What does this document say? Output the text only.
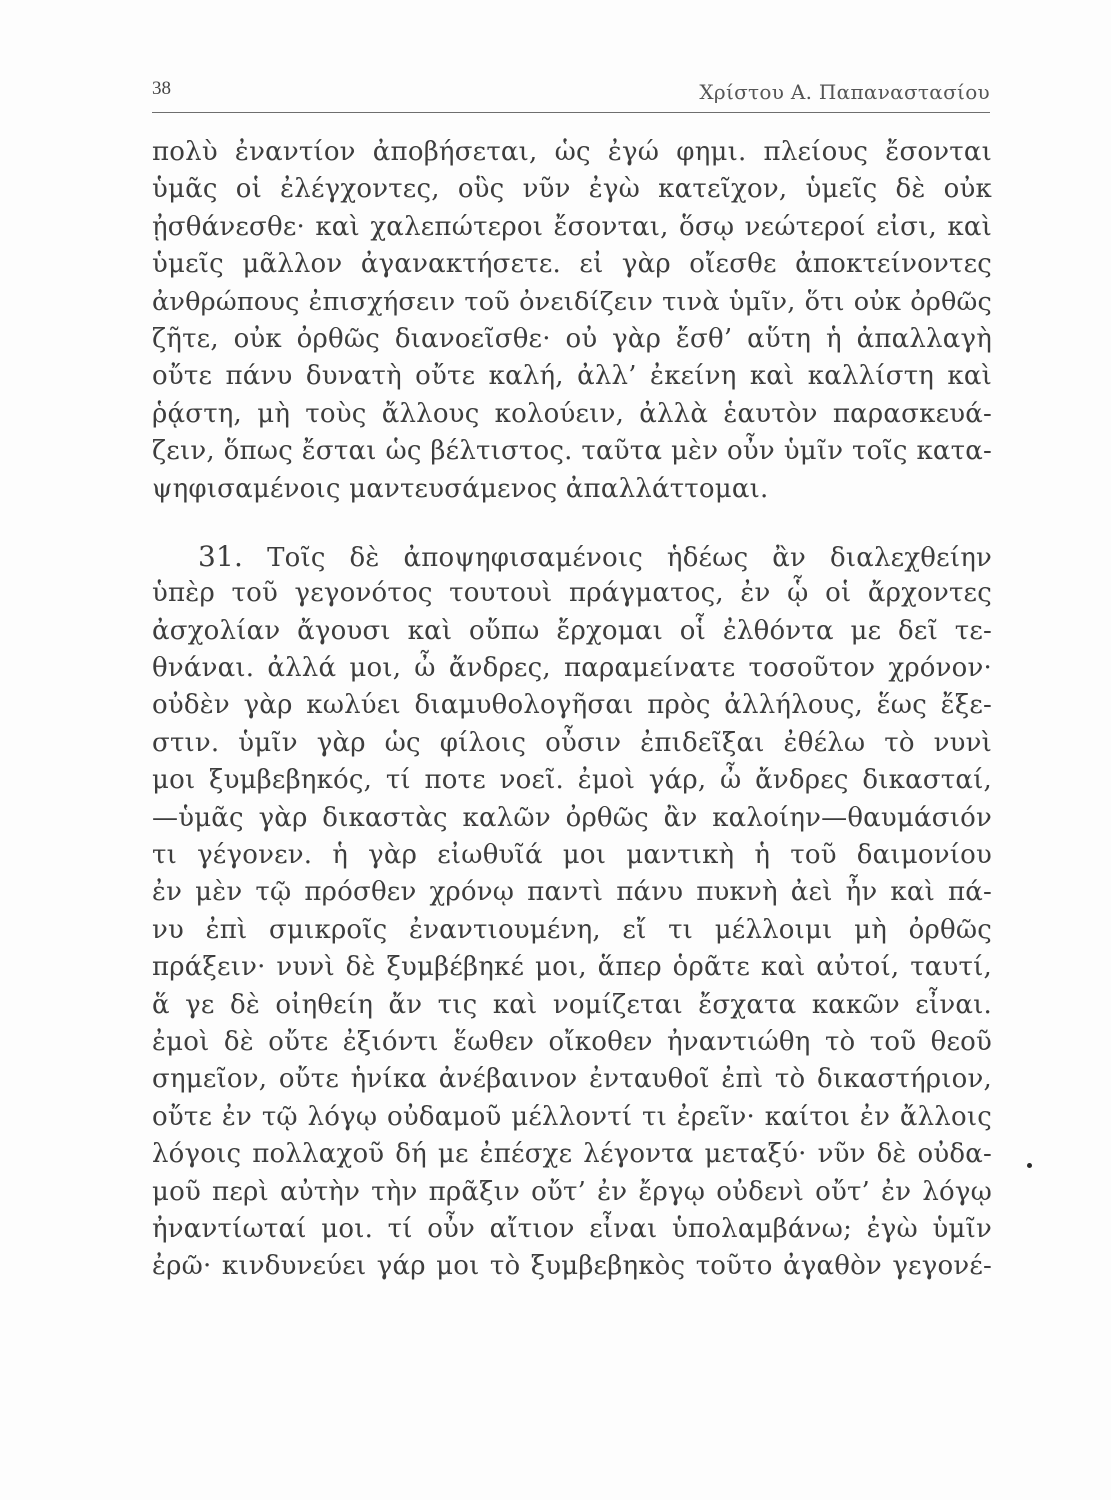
38	Χρίστου Α. Παπαναστασίου
πολὺ ἐναντίον ἀποβήσεται, ὡς ἐγώ φημι. πλείους ἔσονται
ὑμᾶς οἱ ἐλέγχοντες, οὓς νῦν ἐγὼ κατεῖχον, ὑμεῖς δὲ οὐκ
ᾐσθάνεσθε· καὶ χαλεπώτεροι ἔσονται, ὅσῳ νεώτεροί εἰσι, καὶ
ὑμεῖς μᾶλλον ἀγανακτήσετε. εἰ γὰρ οἴεσθε ἀποκτείνοντες
ἀνθρώπους ἐπισχήσειν τοῦ ὀνειδίζειν τινὰ ὑμῖν, ὅτι οὐκ ὀρθῶς
ζῆτε, οὐκ ὀρθῶς διανοεῖσθε· οὐ γὰρ ἔσθ’ αὕτη ἡ ἀπαλλαγὴ
οὔτε πάνυ δυνατὴ οὔτε καλή, ἀλλ’ ἐκείνη καὶ καλλίστη καὶ
ῥᾴστη, μὴ τοὺς ἄλλους κολούειν, ἀλλὰ ἑαυτὸν παρασκευά-
ζειν, ὅπως ἔσται ὡς βέλτιστος. ταῦτα μὲν οὖν ὑμῖν τοῖς κατα-
ψηφισαμένοις μαντευσάμενος ἀπαλλάττομαι.
31. Τοῖς δὲ ἀποψηφισαμένοις ἡδέως ἂν διαλεχθείην
ὑπὲρ τοῦ γεγονότος τουτουὶ πράγματος, ἐν ᾧ οἱ ἄρχοντες
ἀσχολίαν ἄγουσι καὶ οὔπω ἔρχομαι οἷ ἐλθόντα με δεῖ τε-
θνάναι. ἀλλά μοι, ὦ ἄνδρες, παραμείνατε τοσοῦτον χρόνον·
οὐδὲν γὰρ κωλύει διαμυθολογῆσαι πρὸς ἀλλήλους, ἕως ἔξε-
στιν. ὑμῖν γὰρ ὡς φίλοις οὖσιν ἐπιδεῖξαι ἐθέλω τὸ νυνὶ
μοι ξυμβεβηκός, τί ποτε νοεῖ. ἐμοὶ γάρ, ὦ ἄνδρες δικασταί,
—ὑμᾶς γὰρ δικαστὰς καλῶν ὀρθῶς ἂν καλοίην—θαυμάσιόν
τι γέγονεν. ἡ γὰρ εἰωθυῖά μοι μαντικὴ ἡ τοῦ δαιμονίου
ἐν μὲν τῷ πρόσθεν χρόνῳ παντὶ πάνυ πυκνὴ ἀεὶ ἦν καὶ πά-
νυ ἐπὶ σμικροῖς ἐναντιουμένη, εἴ τι μέλλοιμι μὴ ὀρθῶς
πράξειν· νυνὶ δὲ ξυμβέβηκέ μοι, ἅπερ ὁρᾶτε καὶ αὐτοί, ταυτί,
ἅ γε δὲ οἰηθείη ἄν τις καὶ νομίζεται ἔσχατα κακῶν εἶναι.
ἐμοὶ δὲ οὔτε ἐξιόντι ἕωθεν οἴκοθεν ἠναντιώθη τὸ τοῦ θεοῦ
σημεῖον, οὔτε ἡνίκα ἀνέβαινον ἐνταυθοῖ ἐπὶ τὸ δικαστήριον,
οὔτε ἐν τῷ λόγῳ οὐδαμοῦ μέλλοντί τι ἐρεῖν· καίτοι ἐν ἄλλοις
λόγοις πολλαχοῦ δή με ἐπέσχε λέγοντα μεταξύ· νῦν δὲ οὐδα-
μοῦ περὶ αὐτὴν τὴν πρᾶξιν οὔτ’ ἐν ἔργῳ οὐδενὶ οὔτ’ ἐν λόγῳ
ἠναντίωταί μοι. τί οὖν αἴτιον εἶναι ὑπολαμβάνω; ἐγὼ ὑμῖν
ἐρῶ· κινδυνεύει γάρ μοι τὸ ξυμβεβηκὸς τοῦτο ἀγαθὸν γεγονέ-
